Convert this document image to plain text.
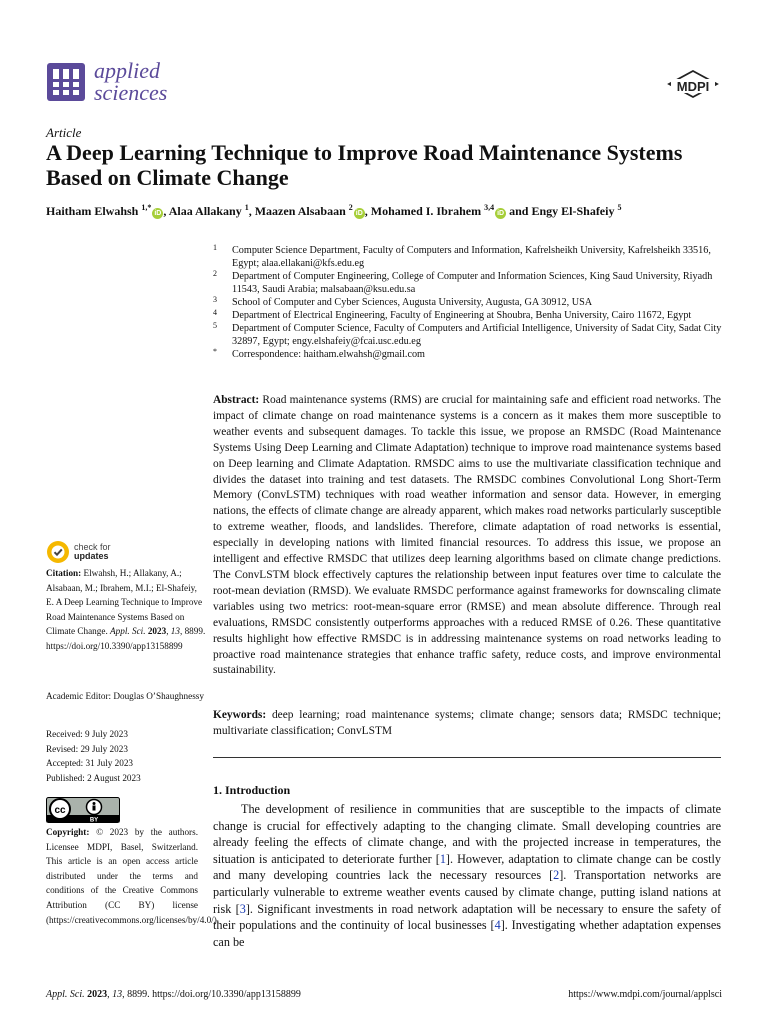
applied
sciences	MDPI
Article
A Deep Learning Technique to Improve Road Maintenance Systems Based on Climate Change
Haitham Elwahsh $^{1,*}$iD , Alaa Allakany $^1$, Maazen Alsabaan $^2$iD , Mohamed I. Ibrahem $^{3,4}$iD and Engy El-Shafeiy $^5$
1 Computer Science Department, Faculty of Computers and Information, Kafrelsheikh University, Kafrelsheikh 33516, Egypt; alaa.ellakani@kfs.edu.eg
2 Department of Computer Engineering, College of Computer and Information Sciences, King Saud University, Riyadh 11543, Saudi Arabia; malsabaan@ksu.edu.sa
3 School of Computer and Cyber Sciences, Augusta University, Augusta, GA 30912, USA
4 Department of Electrical Engineering, Faculty of Engineering at Shoubra, Benha University, Cairo 11672, Egypt
5 Department of Computer Science, Faculty of Computers and Artificial Intelligence, University of Sadat City, Sadat City 32897, Egypt; engy.elshafeiy@fcai.usc.edu.eg
* Correspondence: haitham.elwahsh@gmail.com

Abstract: Road maintenance systems (RMS) are crucial for maintaining safe and efficient road networks. The impact of climate change on road maintenance systems is a concern as it makes them more susceptible to weather events and subsequent damages. To tackle this issue, we propose an RMSDC (Road Maintenance Systems Using Deep Learning and Climate Adaptation) technique to improve road maintenance systems based on Deep learning and Climate Adaptation. RMSDC aims to use the multivariate classification technique and divides the dataset into training and test datasets. The RMSDC combines Convolutional Long Short-Term Memory (ConvLSTM) techniques with road weather information and sensor data. However, in emerging nations, the effects of climate change are already apparent, which makes road networks particularly susceptible to extreme weather, floods, and landslides. Therefore, climate adaptation of road networks is essential, especially in developing nations with limited financial resources. To address this issue, we propose an intelligent and effective RMSDC that utilizes deep learning algorithms based on climate change predictions. The ConvLSTM block effectively captures the relationship between input features over time to calculate the root-mean deviation (RMSD). We evaluate RMSDC performance against frameworks for downscaling climate variables using two metrics: root-mean-square error (RMSE) and mean absolute difference. Through real evaluations, RMSDC consistently outperforms approaches with a reduced RMSE of 0.26. These quantitative results highlight how effective RMSDC is in addressing maintenance systems on road networks leading to proactive road maintenance strategies that enhance traffic safety, reduce costs, and improve environmental sustainability.

Keywords: deep learning; road maintenance systems; climate change; sensors data; RMSDC technique; multivariate classification; ConvLSTM

1. Introduction

The development of resilience in communities that are susceptible to the impacts of climate change is crucial for effectively adapting to the changing climate. Small developing countries are already feeling the effects of climate change, and with the projected increase in temperatures, the situation is anticipated to deteriorate further [1]. However, adaptation to climate change can be costly and many developing countries lack the necessary resources [2]. Transportation networks are particularly vulnerable to extreme weather events caused by climate change, putting island nations at risk [3]. Significant investments in road network adaptation will be necessary to ensure the safety of their populations and the continuity of local businesses [4]. Investigating whether adaptation expenses can be

check for
updates

Citation: Elwahsh, H.; Allakany, A.; Alsabaan, M.; Ibrahem, M.I.; El-Shafeiy, E. A Deep Learning Technique to Improve Road Maintenance Systems Based on Climate Change. Appl. Sci. 2023, 13, 8899. https://doi.org/10.3390/app13158899

Academic Editor: Douglas O’Shaughnessy

Received: 9 July 2023
Revised: 29 July 2023
Accepted: 31 July 2023
Published: 2 August 2023
cc
BY

Copyright: © 2023 by the authors. Licensee MDPI, Basel, Switzerland. This article is an open access article distributed under the terms and conditions of the Creative Commons Attribution (CC BY) license (https://creativecommons.org/licenses/by/4.0/).

Appl. Sci. 2023, 13, 8899. https://doi.org/10.3390/app13158899	https://www.mdpi.com/journal/applsci
